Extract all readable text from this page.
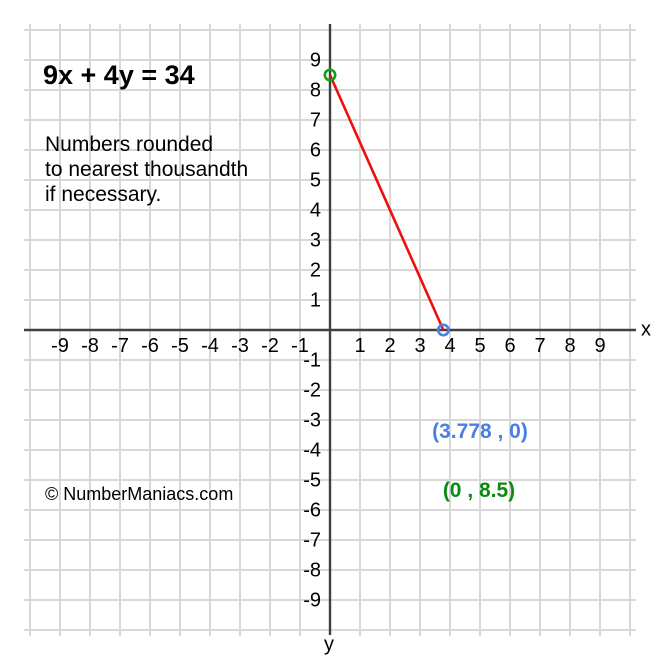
-9 -8 -7 -6 -5 -4 -3 -2 -1 1 2 3 4 5 6 7 8 9
-9
-8
-7
-6
-5
-4
-3
-2
-1
1
2
3
4
5
6
7
8
9
9x + 4y = 34
Numbers rounded
to nearest thousandth
if necessary.
© NumberManiacs.com
(3.778 , 0)
(0 , 8.5)
x
y
